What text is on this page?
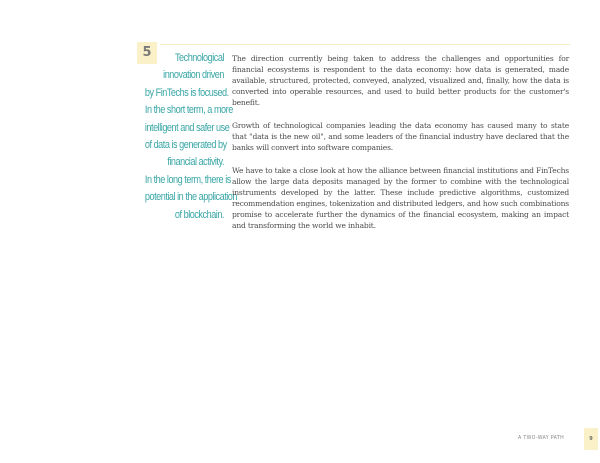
5	Technological
innovation driven
by FinTechs is focused.
In the short term, a more
intelligent and safer use
of data is generated by
financial activity.
In the long term, there is
potential in the application
of blockchain.

The direction currently being taken to address the challenges and opportunities for financial ecosystems is respondent to the data economy: how data is generated, made available, structured, protected, conveyed, analyzed, visualized and, finally, how the data is converted into operable resources, and used to build better products for the customer's benefit.

Growth of technological companies leading the data economy has caused many to state that "data is the new oil", and some leaders of the financial industry have declared that the banks will convert into software companies.

We have to take a close look at how the alliance between financial institutions and FinTechs allow the large data deposits managed by the former to combine with the technological instruments developed by the latter. These include predictive algorithms, customized recommendation engines, tokenization and distributed ledgers, and how such combinations promise to accelerate further the dynamics of the financial ecosystem, making an impact and transforming the world we inhabit.

A TWO-WAY PATH	9
